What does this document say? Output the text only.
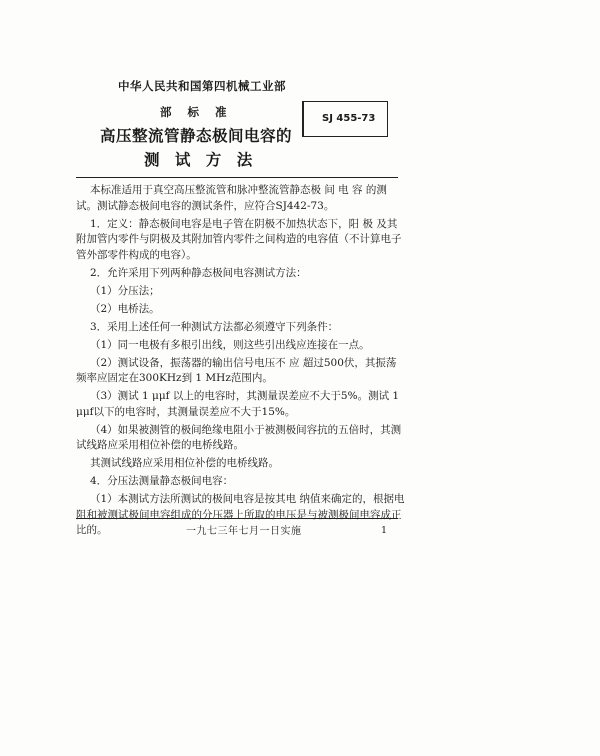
中华人民共和国第四机械工业部
部 标 准	SJ 455-73
高压整流管静态极间电容的
测 试 方 法

本标准适用于真空高压整流管和脉冲整流管静态极 间 电 容 的测试。测试静态极间电容的测试条件，应符合SJ442-73。

1．定义：静态极间电容是电子管在阴极不加热状态下，阳 极 及其附加管内零件与阴极及其附加管内零件之间构造的电容值（不计算电子管外部零件构成的电容）。

2．允许采用下列两种静态极间电容测试方法：

（1）分压法；

（2）电桥法。

3．采用上述任何一种测试方法都必须遵守下列条件：

（1）同一电极有多根引出线，则这些引出线应连接在一点。

（2）测试设备，振荡器的输出信号电压不 应 超过500伏，其振荡频率应固定在300KHz到 1 MHz范围内。

（3）测试 1 μμf 以上的电容时，其测量误差应不大于5%。测试 1 μμf以下的电容时，其测量误差应不大于15%。

（4）如果被测管的极间绝缘电阻小于被测极间容抗的五倍时，其测试线路应采用相位补偿的电桥线路。

其测试线路应采用相位补偿的电桥线路。

4．分压法测量静态极间电容：

（1）本测试方法所测试的极间电容是按其电 纳值来确定的，根据电阻和被测试极间电容组成的分压器上所取的电压是与被测极间电容成正比的。	一九七三年七月一日实施	1
